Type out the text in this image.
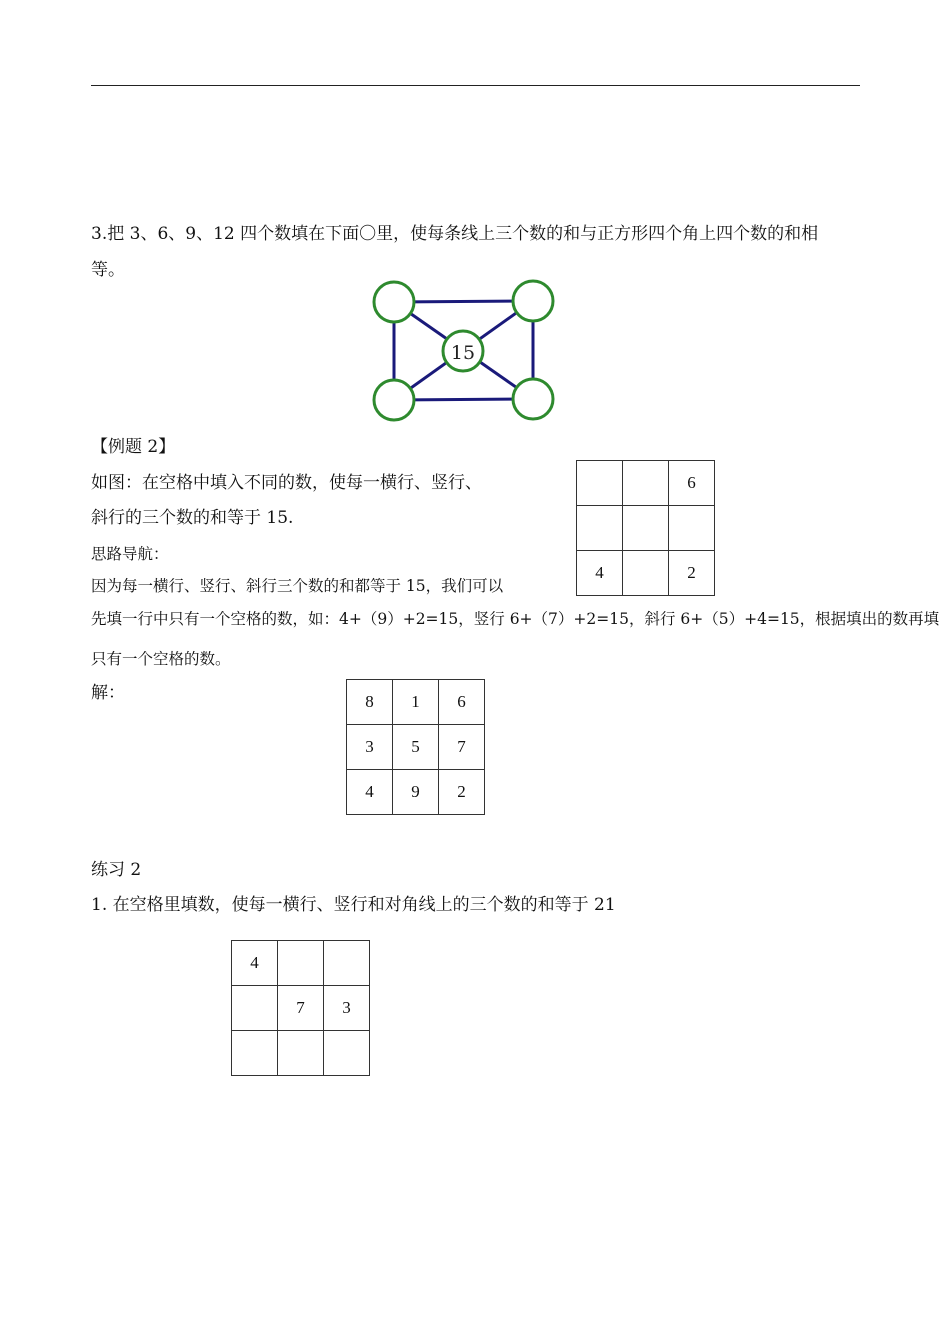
3.把 3、6、9、12 四个数填在下面〇里，使每条线上三个数的和与正方形四个角上四个数的和相
等。
15
【例题 2】
如图：在空格中填入不同的数，使每一横行、竖行、
斜行的三个数的和等于 15.
思路导航：
因为每一横行、竖行、斜行三个数的和都等于 15，我们可以
先填一行中只有一个空格的数，如：4+（9）+2=15，竖行 6+（7）+2=15，斜行 6+（5）+4=15，根据填出的数再填
只有一个空格的数。
解：
		6

4		2
8	1	6
3	5	7
4	9	2
练习 2
1. 在空格里填数，使每一横行、竖行和对角线上的三个数的和等于 21
4		
	7	3
